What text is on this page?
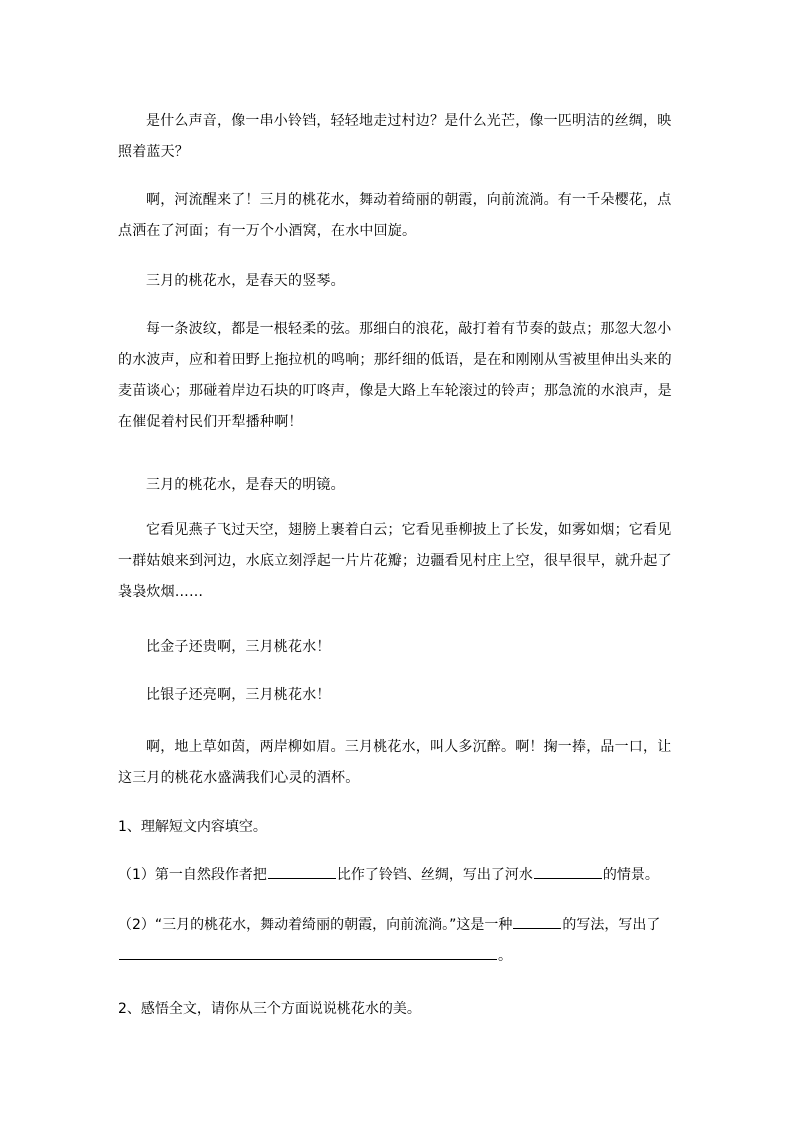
是什么声音，像一串小铃铛，轻轻地走过村边？是什么光芒，像一匹明洁的丝绸，映照着蓝天？

啊，河流醒来了！三月的桃花水，舞动着绮丽的朝霞，向前流淌。有一千朵樱花，点点洒在了河面；有一万个小酒窝，在水中回旋。

三月的桃花水，是春天的竖琴。

每一条波纹，都是一根轻柔的弦。那细白的浪花，敲打着有节奏的鼓点；那忽大忽小的水波声，应和着田野上拖拉机的鸣响；那纤细的低语，是在和刚刚从雪被里伸出头来的麦苗谈心；那碰着岸边石块的叮咚声，像是大路上车轮滚过的铃声；那急流的水浪声，是在催促着村民们开犁播种啊！

三月的桃花水，是春天的明镜。

它看见燕子飞过天空，翅膀上裹着白云；它看见垂柳披上了长发，如雾如烟；它看见一群姑娘来到河边，水底立刻浮起一片片花瓣；边疆看见村庄上空，很早很早，就升起了袅袅炊烟……

比金子还贵啊，三月桃花水！

比银子还亮啊，三月桃花水！

啊，地上草如茵，两岸柳如眉。三月桃花水，叫人多沉醉。啊！掬一捧，品一口，让这三月的桃花水盛满我们心灵的酒杯。

1、理解短文内容填空。

（1）第一自然段作者把	比作了铃铛、丝绸，写出了河水	的情景。

（2）“三月的桃花水，舞动着绮丽的朝霞，向前流淌。”这是一种	的写法，写出了。

2、感悟全文，请你从三个方面说说桃花水的美。
